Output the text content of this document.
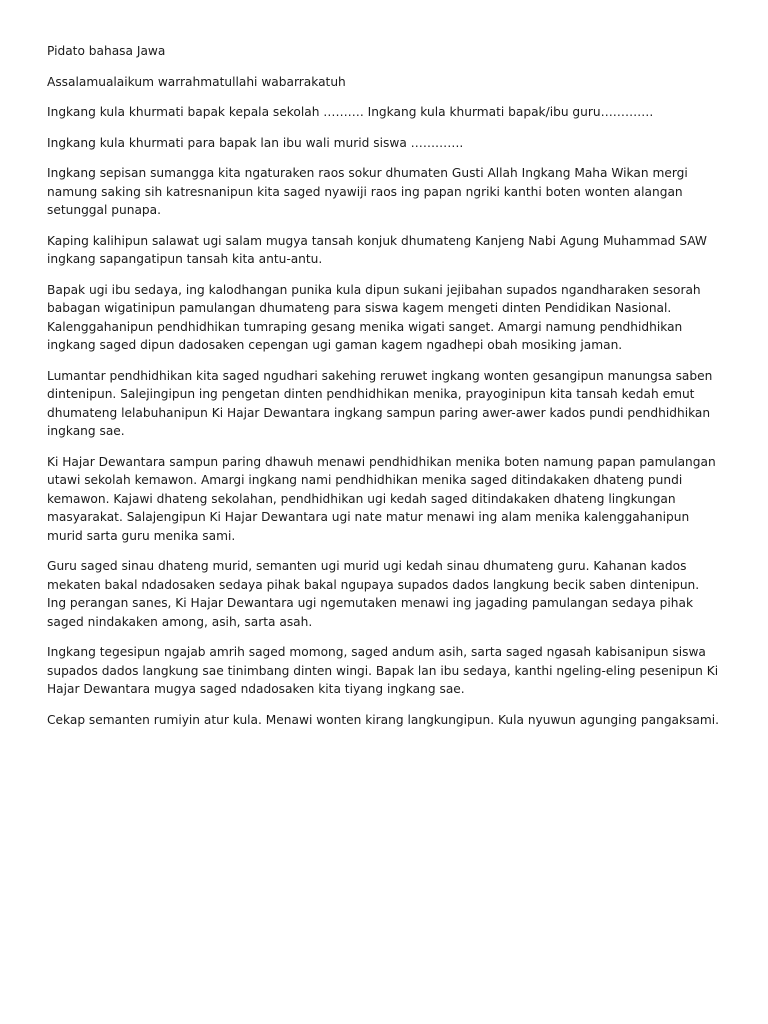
Pidato bahasa Jawa

Assalamualaikum warrahmatullahi wabarrakatuh

Ingkang kula khurmati bapak kepala sekolah ………. Ingkang kula khurmati bapak/ibu guru………….

Ingkang kula khurmati para bapak lan ibu wali murid siswa ………….

Ingkang sepisan sumangga kita ngaturaken raos sokur dhumaten Gusti Allah Ingkang Maha Wikan mergi namung saking sih katresnanipun kita saged nyawiji raos ing papan ngriki kanthi boten wonten alangan setunggal punapa.

Kaping kalihipun salawat ugi salam mugya tansah konjuk dhumateng Kanjeng Nabi Agung Muhammad SAW ingkang sapangatipun tansah kita antu-antu.

Bapak ugi ibu sedaya, ing kalodhangan punika kula dipun sukani jejibahan supados ngandharaken sesorah babagan wigatinipun pamulangan dhumateng para siswa kagem mengeti dinten Pendidikan Nasional. Kalenggahanipun pendhidhikan tumraping gesang menika wigati sanget. Amargi namung pendhidhikan ingkang saged dipun dadosaken cepengan ugi gaman kagem ngadhepi obah mosiking jaman.

Lumantar pendhidhikan kita saged ngudhari sakehing reruwet ingkang wonten gesangipun manungsa saben dintenipun. Salejingipun ing pengetan dinten pendhidhikan menika, prayoginipun kita tansah kedah emut dhumateng lelabuhanipun Ki Hajar Dewantara ingkang sampun paring awer-awer kados pundi pendhidhikan ingkang sae.

Ki Hajar Dewantara sampun paring dhawuh menawi pendhidhikan menika boten namung papan pamulangan utawi sekolah kemawon. Amargi ingkang nami pendhidhikan menika saged ditindakaken dhateng pundi kemawon. Kajawi dhateng sekolahan, pendhidhikan ugi kedah saged ditindakaken dhateng lingkungan masyarakat. Salajengipun Ki Hajar Dewantara ugi nate matur menawi ing alam menika kalenggahanipun murid sarta guru menika sami.

Guru saged sinau dhateng murid, semanten ugi murid ugi kedah sinau dhumateng guru. Kahanan kados mekaten bakal ndadosaken sedaya pihak bakal ngupaya supados dados langkung becik saben dintenipun. Ing perangan sanes, Ki Hajar Dewantara ugi ngemutaken menawi ing jagading pamulangan sedaya pihak saged nindakaken among, asih, sarta asah.

Ingkang tegesipun ngajab amrih saged momong, saged andum asih, sarta saged ngasah kabisanipun siswa supados dados langkung sae tinimbang dinten wingi. Bapak lan ibu sedaya, kanthi ngeling-eling pesenipun Ki Hajar Dewantara mugya saged ndadosaken kita tiyang ingkang sae.

Cekap semanten rumiyin atur kula. Menawi wonten kirang langkungipun. Kula nyuwun agunging pangaksami.
